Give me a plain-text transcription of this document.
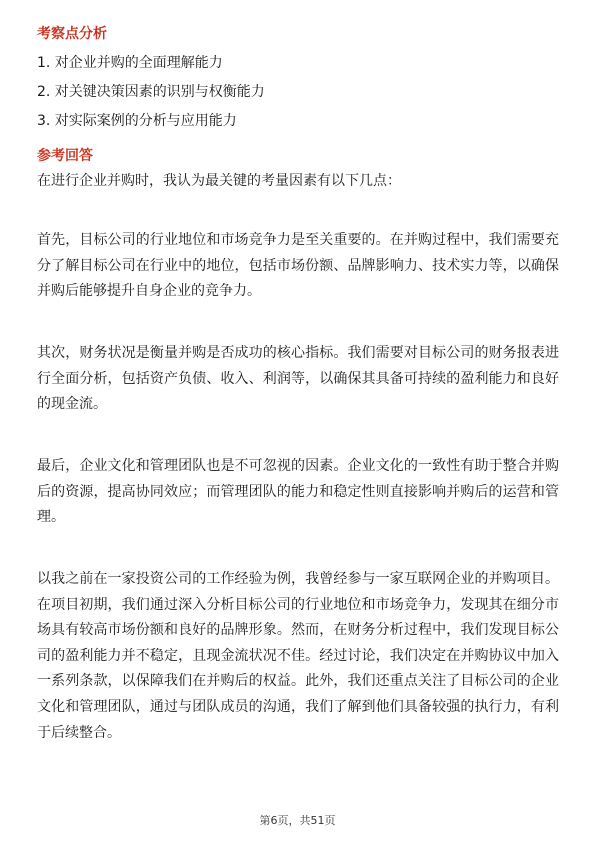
考察点分析
1. 对企业并购的全面理解能力
2. 对关键决策因素的识别与权衡能力
3. 对实际案例的分析与应用能力
参考回答
在进行企业并购时，我认为最关键的考量因素有以下几点：
首先，目标公司的行业地位和市场竞争力是至关重要的。在并购过程中，我们需要充分了解目标公司在行业中的地位，包括市场份额、品牌影响力、技术实力等，以确保并购后能够提升自身企业的竞争力。
其次，财务状况是衡量并购是否成功的核心指标。我们需要对目标公司的财务报表进行全面分析，包括资产负债、收入、利润等，以确保其具备可持续的盈利能力和良好的现金流。
最后，企业文化和管理团队也是不可忽视的因素。企业文化的一致性有助于整合并购后的资源，提高协同效应；而管理团队的能力和稳定性则直接影响并购后的运营和管理。
以我之前在一家投资公司的工作经验为例，我曾经参与一家互联网企业的并购项目。在项目初期，我们通过深入分析目标公司的行业地位和市场竞争力，发现其在细分市场具有较高市场份额和良好的品牌形象。然而，在财务分析过程中，我们发现目标公司的盈利能力并不稳定，且现金流状况不佳。经过讨论，我们决定在并购协议中加入一系列条款，以保障我们在并购后的权益。此外，我们还重点关注了目标公司的企业文化和管理团队，通过与团队成员的沟通，我们了解到他们具备较强的执行力，有利于后续整合。
第6页，共51页
